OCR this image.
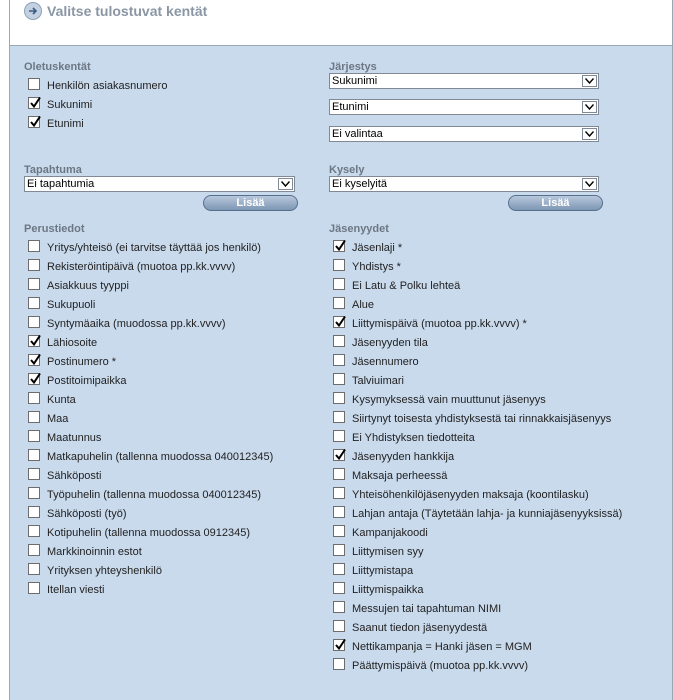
Valitse tulostuvat kentät
Oletuskentät
Henkilön asiakasnumero
Sukunimi
Etunimi
Järjestys
Sukunimi
Etunimi
Ei valintaa
Tapahtuma
Ei tapahtumia
Lisää
Kysely
Ei kyselyitä
Lisää
Perustiedot
Yritys/yhteisö (ei tarvitse täyttää jos henkilö)
Rekisteröintipäivä (muotoa pp.kk.vvvv)
Asiakkuus tyyppi
Sukupuoli
Syntymäaika (muodossa pp.kk.vvvv)
Lähiosoite
Postinumero *
Postitoimipaikka
Kunta
Maa
Maatunnus
Matkapuhelin (tallenna muodossa 040012345)
Sähköposti
Työpuhelin (tallenna muodossa 040012345)
Sähköposti (työ)
Kotipuhelin (tallenna muodossa 0912345)
Markkinoinnin estot
Yrityksen yhteyshenkilö
Itellan viesti
Jäsenyydet
Jäsenlaji *
Yhdistys *
Ei Latu & Polku lehteä
Alue
Liittymispäivä (muotoa pp.kk.vvvv) *
Jäsenyyden tila
Jäsennumero
Talviuimari
Kysymyksessä vain muuttunut jäsenyys
Siirtynyt toisesta yhdistyksestä tai rinnakkaisjäsenyys
Ei Yhdistyksen tiedotteita
Jäsenyyden hankkija
Maksaja perheessä
Yhteisöhenkilöjäsenyyden maksaja (koontilasku)
Lahjan antaja (Täytetään lahja- ja kunniajäsenyyksissä)
Kampanjakoodi
Liittymisen syy
Liittymistapa
Liittymispaikka
Messujen tai tapahtuman NIMI
Saanut tiedon jäsenyydestä
Nettikampanja = Hanki jäsen = MGM
Päättymispäivä (muotoa pp.kk.vvvv)
